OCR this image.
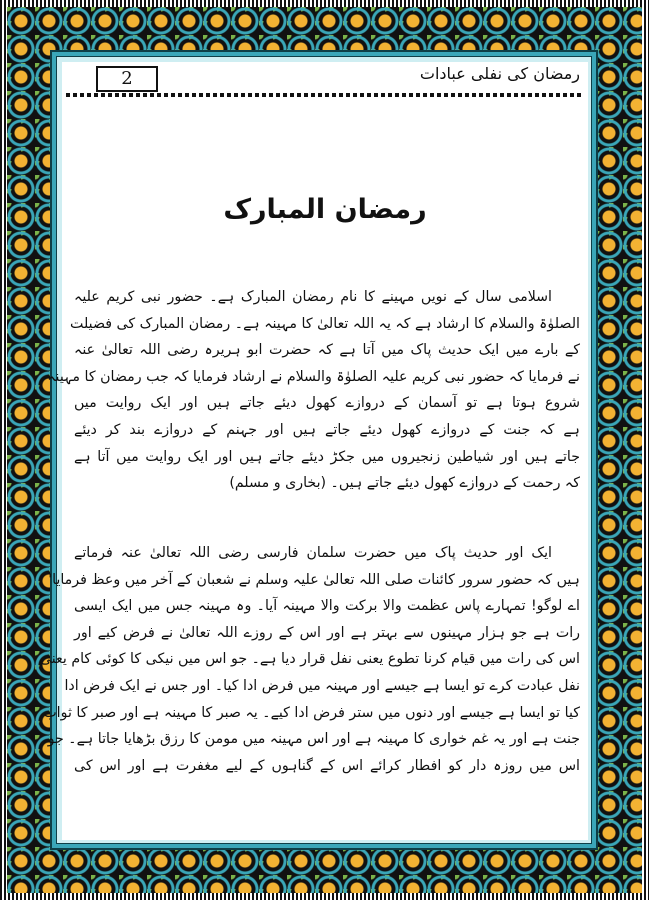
2	رمضان کی نفلی عبادات
رمضان المبارک
اسلامی سال کے نویں مہینے کا نام رمضان المبارک ہے۔ حضور نبی کریم علیہ
الصلوٰۃ والسلام کا ارشاد ہے کہ یہ اللہ تعالیٰ کا مہینہ ہے۔ رمضان المبارک کی فضیلت
کے بارے میں ایک حدیث پاک میں آتا ہے کہ حضرت ابو ہریرہ رضی اللہ تعالیٰ عنہ
نے فرمایا کہ حضور نبی کریم علیہ الصلوٰۃ والسلام نے ارشاد فرمایا کہ جب رمضان کا مہینہ
شروع ہوتا ہے تو آسمان کے دروازے کھول دیئے جاتے ہیں اور ایک روایت میں
ہے کہ جنت کے دروازے کھول دیئے جاتے ہیں اور جہنم کے دروازے بند کر دیئے
جاتے ہیں اور شیاطین زنجیروں میں جکڑ دیئے جاتے ہیں اور ایک روایت میں آتا ہے
کہ رحمت کے دروازے کھول دیئے جاتے ہیں۔ (بخاری و مسلم)
ایک اور حدیث پاک میں حضرت سلمان فارسی رضی اللہ تعالیٰ عنہ فرماتے
ہیں کہ حضور سرور کائنات صلی اللہ تعالیٰ علیہ وسلم نے شعبان کے آخر میں وعظ فرمایا'
اے لوگو! تمہارے پاس عظمت والا برکت والا مہینہ آیا۔ وہ مہینہ جس میں ایک ایسی
رات ہے جو ہزار مہینوں سے بہتر ہے اور اس کے روزے اللہ تعالیٰ نے فرض کیے اور
اس کی رات میں قیام کرنا تطوع یعنی نفل قرار دیا ہے۔ جو اس میں نیکی کا کوئی کام یعنی
نفل عبادت کرے تو ایسا ہے جیسے اور مہینہ میں فرض ادا کیا۔ اور جس نے ایک فرض ادا
کیا تو ایسا ہے جیسے اور دنوں میں ستر فرض ادا کیے۔ یہ صبر کا مہینہ ہے اور صبر کا ثواب
جنت ہے اور یہ غم خواری کا مہینہ ہے اور اس مہینہ میں مومن کا رزق بڑھایا جاتا ہے۔ جو
اس میں روزہ دار کو افطار کرائے اس کے گناہوں کے لیے مغفرت ہے اور اس کی
